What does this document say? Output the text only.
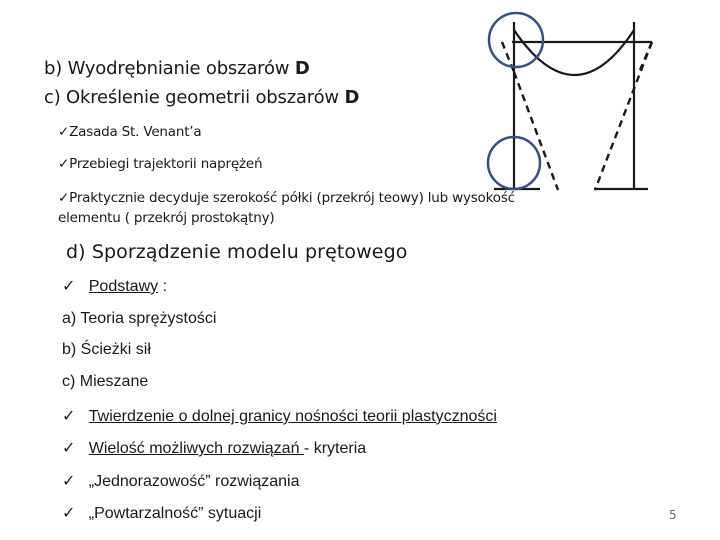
b) Wyodrębnianie obszarów D
c) Określenie geometrii obszarów D
✓Zasada St. Venant’a
✓Przebiegi trajektorii naprężeń
✓Praktycznie decyduje szerokość półki (przekrój teowy) lub wysokość
elementu ( przekrój prostokątny)
d) Sporządzenie modelu prętowego
✓ Podstawy :
a) Teoria sprężystości
b) Ścieżki sił
c) Mieszane
✓ Twierdzenie o dolnej granicy nośności teorii plastyczności
✓ Wielość możliwych rozwiązań - kryteria
✓ „Jednorazowość” rozwiązania
✓ „Powtarzalność” sytuacji	5
